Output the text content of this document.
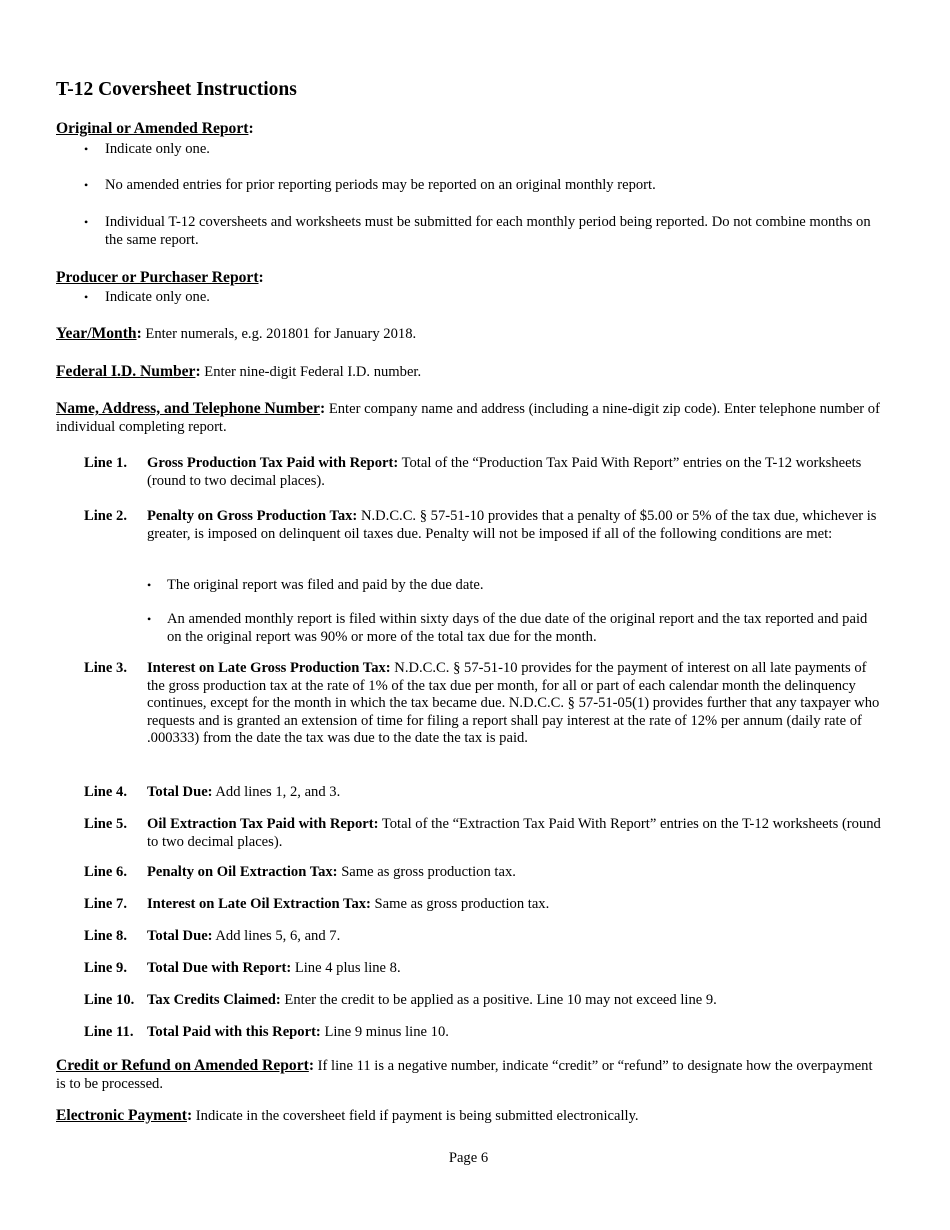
T-12 Coversheet Instructions
Original or Amended Report:
• Indicate only one.
• No amended entries for prior reporting periods may be reported on an original monthly report.
• Individual T-12 coversheets and worksheets must be submitted for each monthly period being reported. Do not combine months on the same report.
Producer or Purchaser Report:
• Indicate only one.
Year/Month: Enter numerals, e.g. 201801 for January 2018.
Federal I.D. Number: Enter nine-digit Federal I.D. number.
Name, Address, and Telephone Number: Enter company name and address (including a nine-digit zip code). Enter telephone number of individual completing report.
Line 1.	Gross Production Tax Paid with Report: Total of the “Production Tax Paid With Report” entries on the T-12 worksheets (round to two decimal places).
Line 2.	Penalty on Gross Production Tax: N.D.C.C. § 57-51-10 provides that a penalty of $5.00 or 5% of the tax due, whichever is greater, is imposed on delinquent oil taxes due. Penalty will not be imposed if all of the following conditions are met:
• The original report was filed and paid by the due date.
• An amended monthly report is filed within sixty days of the due date of the original report and the tax reported and paid on the original report was 90% or more of the total tax due for the month.
Line 3.	Interest on Late Gross Production Tax: N.D.C.C. § 57-51-10 provides for the payment of interest on all late payments of the gross production tax at the rate of 1% of the tax due per month, for all or part of each calendar month the delinquency continues, except for the month in which the tax became due. N.D.C.C. § 57-51-05(1) provides further that any taxpayer who requests and is granted an extension of time for filing a report shall pay interest at the rate of 12% per annum (daily rate of .000333) from the date the tax was due to the date the tax is paid.
Line 4.	Total Due: Add lines 1, 2, and 3.
Line 5.	Oil Extraction Tax Paid with Report: Total of the “Extraction Tax Paid With Report” entries on the T-12 worksheets (round to two decimal places).
Line 6.	Penalty on Oil Extraction Tax: Same as gross production tax.
Line 7.	Interest on Late Oil Extraction Tax: Same as gross production tax.
Line 8.	Total Due: Add lines 5, 6, and 7.
Line 9.	Total Due with Report: Line 4 plus line 8.
Line 10. Tax Credits Claimed: Enter the credit to be applied as a positive. Line 10 may not exceed line 9.
Line 11. Total Paid with this Report: Line 9 minus line 10.
Credit or Refund on Amended Report: If line 11 is a negative number, indicate “credit” or “refund” to designate how the overpayment is to be processed.
Electronic Payment: Indicate in the coversheet field if payment is being submitted electronically.
Page 6
